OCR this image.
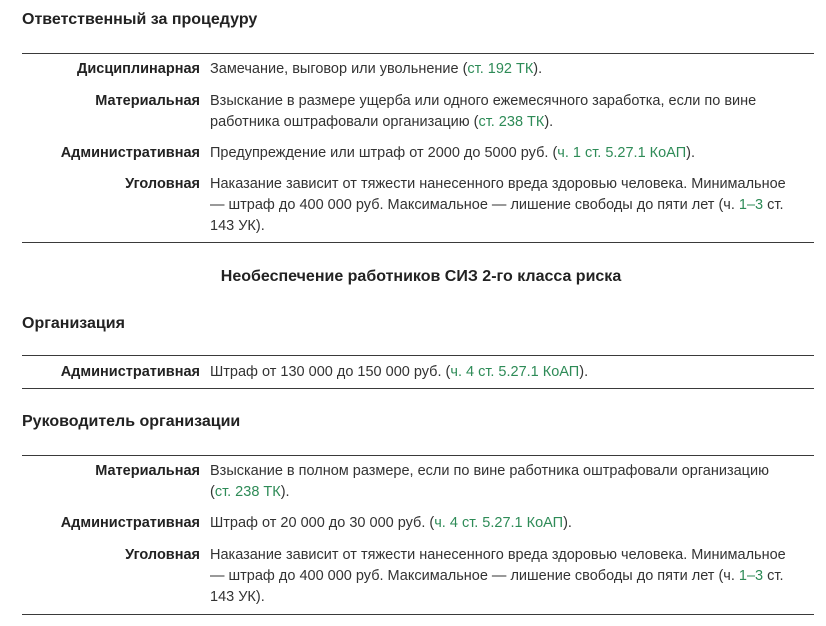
Ответственный за процедуру
Дисциплинарная Замечание, выговор или увольнение (ст. 192 ТК).
Материальная Взыскание в размере ущерба или одного ежемесячного заработка, если по вине работника оштрафовали организацию (ст. 238 ТК).
Административная Предупреждение или штраф от 2000 до 5000 руб. (ч. 1 ст. 5.27.1 КоАП).
Уголовная Наказание зависит от тяжести нанесенного вреда здоровью человека. Минимальное — штраф до 400 000 руб. Максимальное — лишение свободы до пяти лет (ч. 1–3 ст. 143 УК).
Необеспечение работников СИЗ 2-го класса риска
Организация
Административная Штраф от 130 000 до 150 000 руб. (ч. 4 ст. 5.27.1 КоАП).
Руководитель организации
Материальная Взыскание в полном размере, если по вине работника оштрафовали организацию (ст. 238 ТК).
Административная Штраф от 20 000 до 30 000 руб. (ч. 4 ст. 5.27.1 КоАП).
Уголовная Наказание зависит от тяжести нанесенного вреда здоровью человека. Минимальное — штраф до 400 000 руб. Максимальное — лишение свободы до пяти лет (ч. 1–3 ст. 143 УК).
